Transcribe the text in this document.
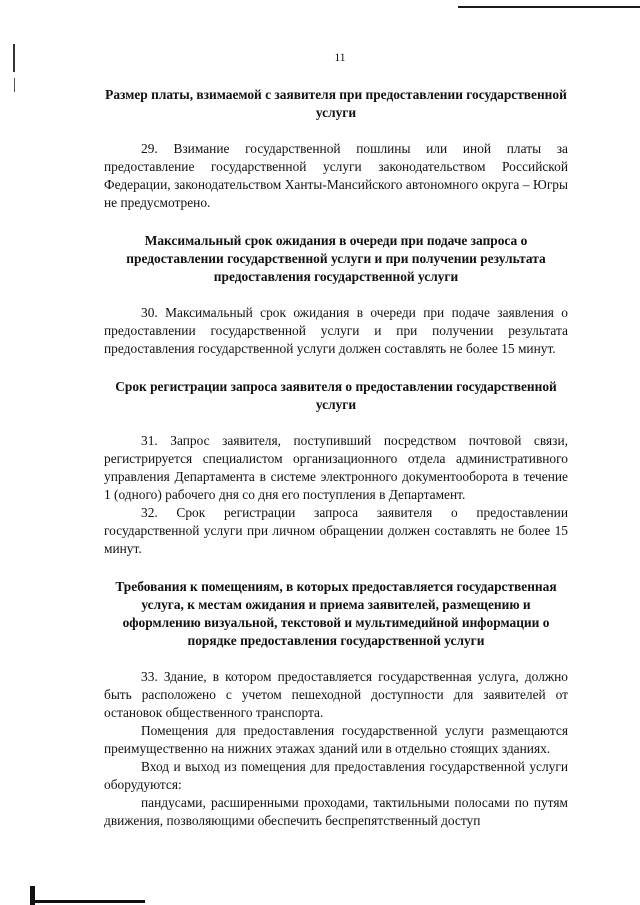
11
Размер платы, взимаемой с заявителя при предоставлении государственной услуги

29. Взимание государственной пошлины или иной платы за предоставление государственной услуги законодательством Российской Федерации, законодательством Ханты-Мансийского автономного округа – Югры не предусмотрено.

Максимальный срок ожидания в очереди при подаче запроса о предоставлении государственной услуги и при получении результата предоставления государственной услуги

30. Максимальный срок ожидания в очереди при подаче заявления о предоставлении государственной услуги и при получении результата предоставления государственной услуги должен составлять не более 15 минут.

Срок регистрации запроса заявителя о предоставлении государственной услуги

31. Запрос заявителя, поступивший посредством почтовой связи, регистрируется специалистом организационного отдела административного управления Департамента в системе электронного документооборота в течение 1 (одного) рабочего дня со дня его поступления в Департамент.

32. Срок регистрации запроса заявителя о предоставлении государственной услуги при личном обращении должен составлять не более 15 минут.

Требования к помещениям, в которых предоставляется государственная услуга, к местам ожидания и приема заявителей, размещению и оформлению визуальной, текстовой и мультимедийной информации о порядке предоставления государственной услуги

33. Здание, в котором предоставляется государственная услуга, должно быть расположено с учетом пешеходной доступности для заявителей от остановок общественного транспорта.

Помещения для предоставления государственной услуги размещаются преимущественно на нижних этажах зданий или в отдельно стоящих зданиях.

Вход и выход из помещения для предоставления государственной услуги оборудуются:

пандусами, расширенными проходами, тактильными полосами по путям движения, позволяющими обеспечить беспрепятственный доступ
